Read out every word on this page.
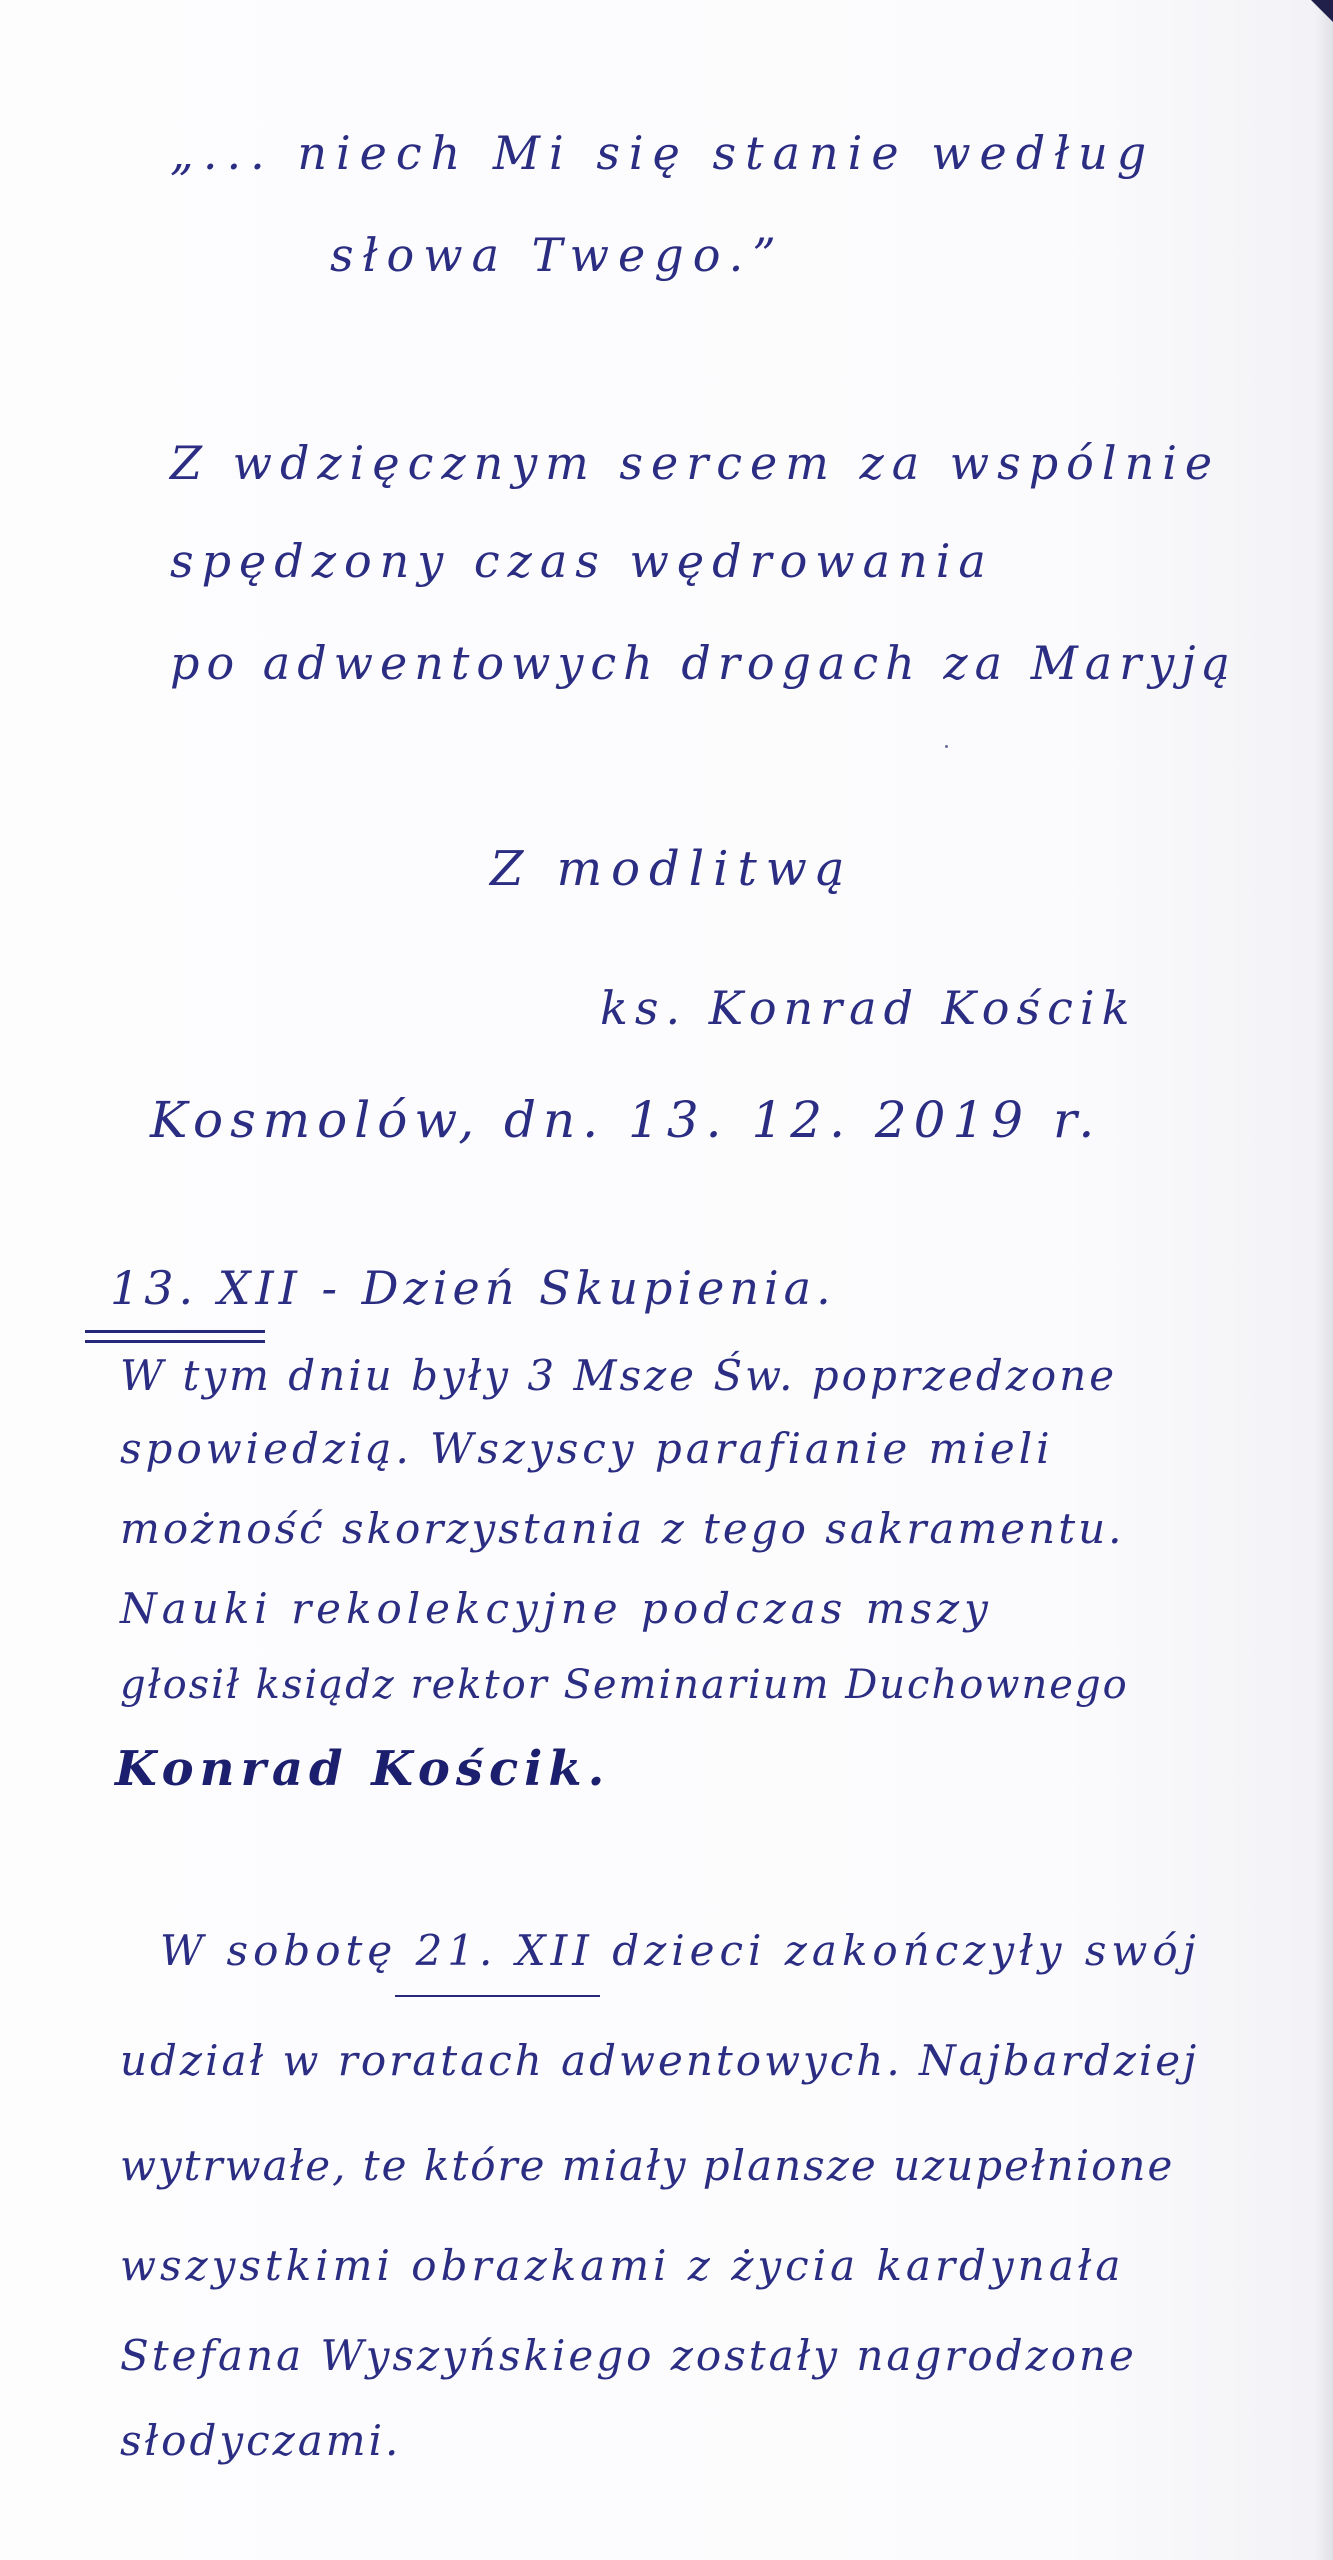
„... niech Mi się stanie według
słowa Twego.”
Z wdzięcznym sercem za wspólnie
spędzony czas wędrowania
po adwentowych drogach za Maryją
Z modlitwą
ks. Konrad Kościk
Kosmolów, dn. 13. 12. 2019 r.
13. XII - Dzień Skupienia.
W tym dniu były 3 Msze Św. poprzedzone
spowiedzią. Wszyscy parafianie mieli
możność skorzystania z tego sakramentu.
Nauki rekolekcyjne podczas mszy
głosił ksiądz rektor Seminarium Duchownego
Konrad Kościk.
W sobotę 21. XII dzieci zakończyły swój
udział w roratach adwentowych. Najbardziej
wytrwałe, te które miały plansze uzupełnione
wszystkimi obrazkami z życia kardynała
Stefana Wyszyńskiego zostały nagrodzone
słodyczami.
